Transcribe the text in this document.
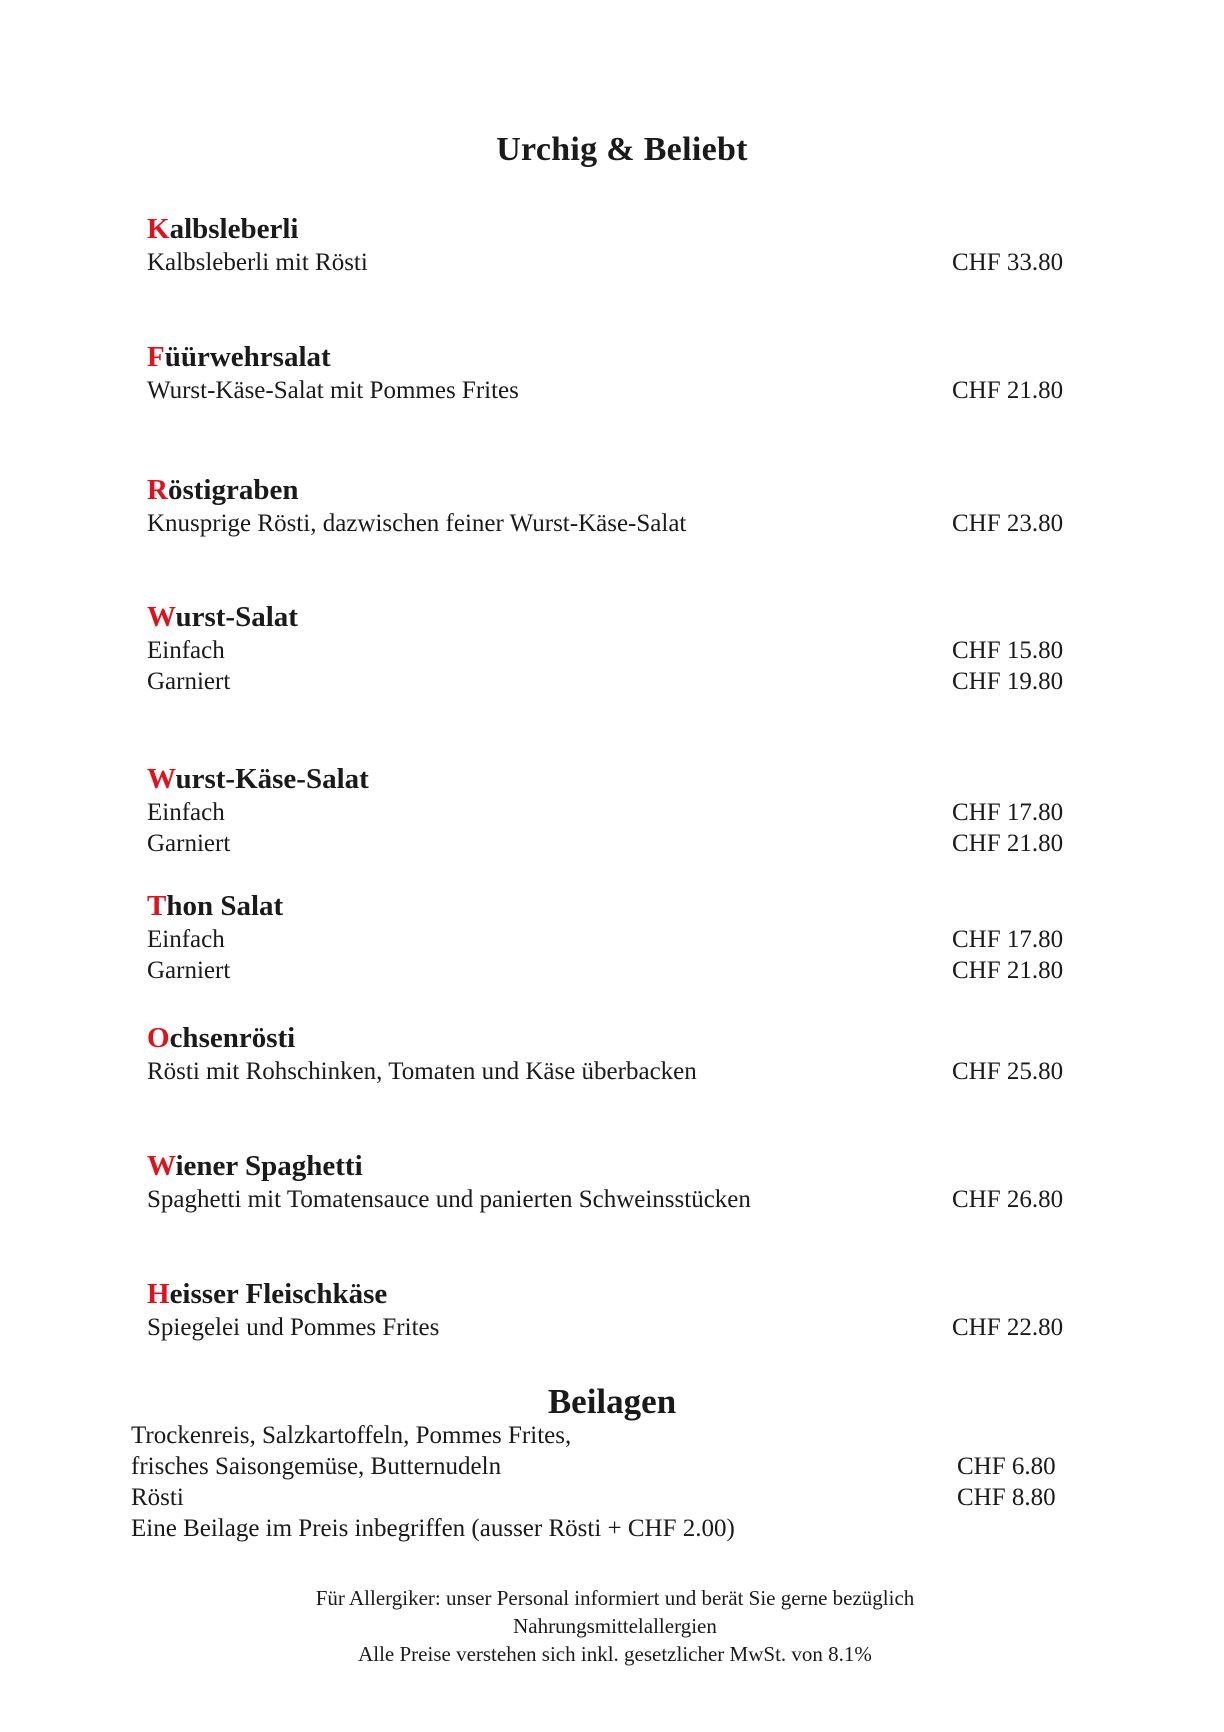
Urchig & Beliebt
Kalbsleberli
Kalbsleberli mit Rösti	CHF 33.80
Füürwehrsalat
Wurst-Käse-Salat mit Pommes Frites	CHF 21.80
Röstigraben
Knusprige Rösti, dazwischen feiner Wurst-Käse-Salat	CHF 23.80
Wurst-Salat
Einfach	CHF 15.80
Garniert	CHF 19.80
Wurst-Käse-Salat
Einfach	CHF 17.80
Garniert	CHF 21.80
Thon Salat
Einfach	CHF 17.80
Garniert	CHF 21.80
Ochsenrösti
Rösti mit Rohschinken, Tomaten und Käse überbacken	CHF 25.80
Wiener Spaghetti
Spaghetti mit Tomatensauce und panierten Schweinsstücken	CHF 26.80
Heisser Fleischkäse
Spiegelei und Pommes Frites	CHF 22.80
Beilagen
Trockenreis, Salzkartoffeln, Pommes Frites,
frisches Saisongemüse, Butternudeln	CHF 6.80
Rösti	CHF 8.80
Eine Beilage im Preis inbegriffen (ausser Rösti + CHF 2.00)
Für Allergiker: unser Personal informiert und berät Sie gerne bezüglich
Nahrungsmittelallergien
Alle Preise verstehen sich inkl. gesetzlicher MwSt. von 8.1%
